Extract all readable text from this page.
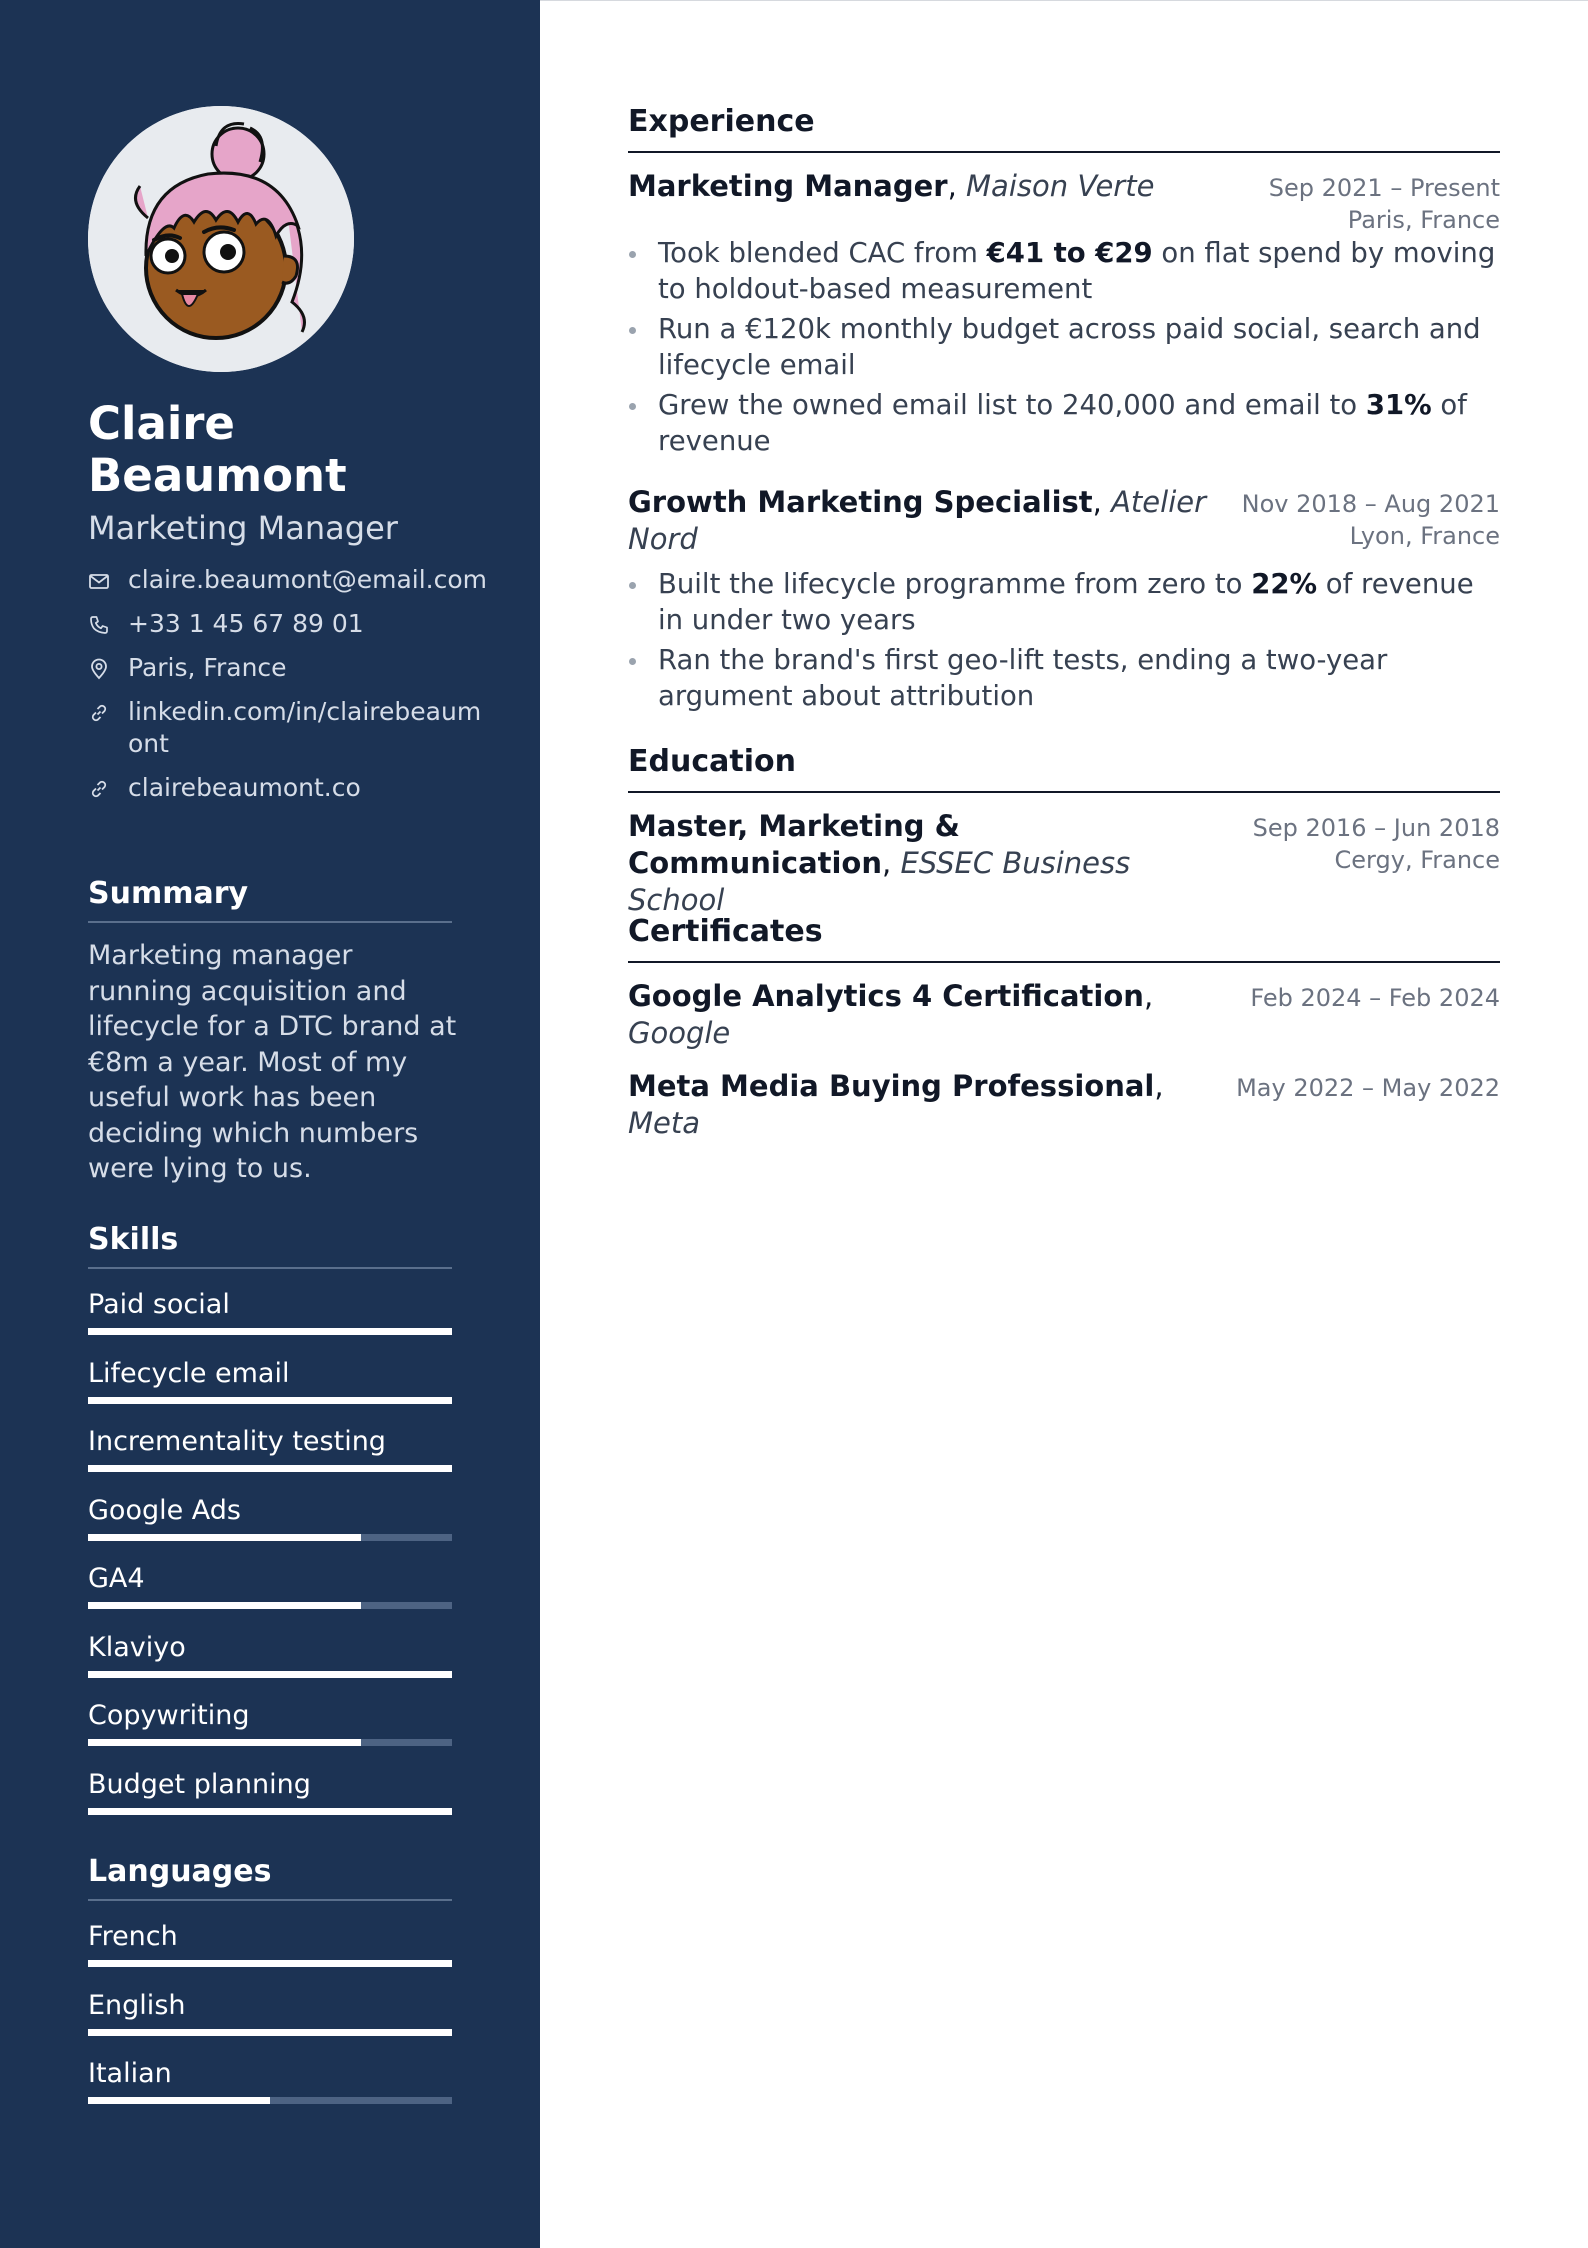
Claire
Beaumont
Marketing Manager
claire.beaumont@email.com
+33 1 45 67 89 01
Paris, France
linkedin.com/in/clairebeaumont
clairebeaumont.co
Summary
Marketing manager running acquisition and lifecycle for a DTC brand at €8m a year. Most of my useful work has been deciding which numbers were lying to us.
Skills
Paid social
Lifecycle email
Incrementality testing
Google Ads
GA4
Klaviyo
Copywriting
Budget planning
Languages
French
English
Italian
Experience
Marketing Manager, Maison Verte	Sep 2021 – Present
Paris, France
Took blended CAC from €41 to €29 on flat spend by moving to holdout-based measurement
Run a €120k monthly budget across paid social, search and lifecycle email
Grew the owned email list to 240,000 and email to 31% of revenue
Growth Marketing Specialist, Atelier Nord
Nov 2018 – Aug 2021
Lyon, France
Built the lifecycle programme from zero to 22% of revenue in under two years
Ran the brand's first geo-lift tests, ending a two-year argument about attribution
Education
Master, Marketing & Communication, ESSEC Business School
Sep 2016 – Jun 2018
Cergy, France
Certificates
Google Analytics 4 Certification, Google
Feb 2024 – Feb 2024
Meta Media Buying Professional, Meta
May 2022 – May 2022
